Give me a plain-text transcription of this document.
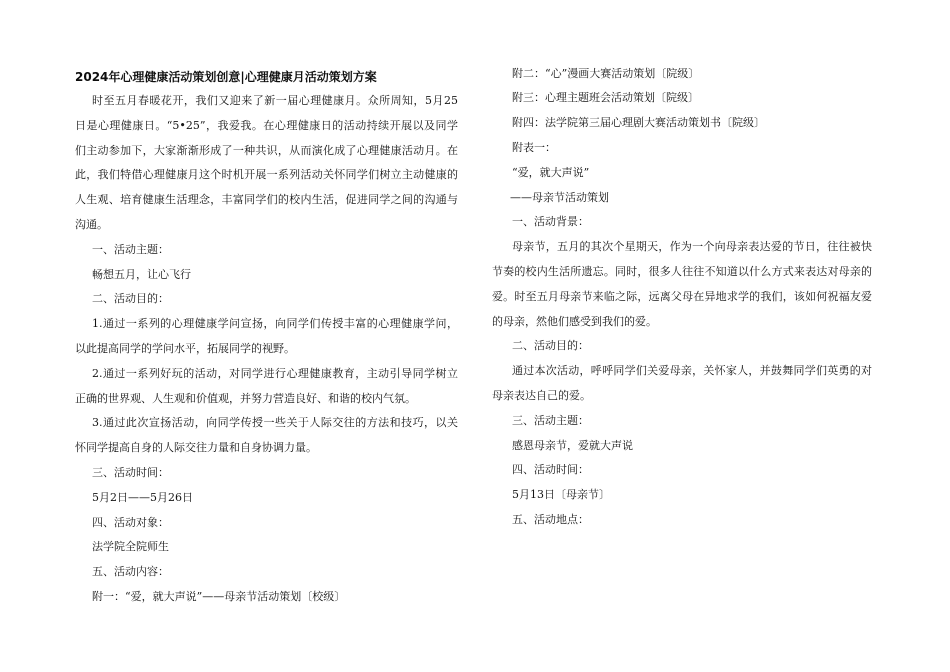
2024年心理健康活动策划创意|心理健康月活动策划方案
时至五月春暖花开，我们又迎来了新一届心理健康月。众所周知，5月25
日是心理健康日。“5•25”，我爱我。在心理健康日的活动持续开展以及同学
们主动参加下，大家渐渐形成了一种共识，从而演化成了心理健康活动月。在
此，我们特借心理健康月这个时机开展一系列活动关怀同学们树立主动健康的
人生观、培育健康生活理念，丰富同学们的校内生活，促进同学之间的沟通与
沟通。
一、活动主题：
畅想五月，让心飞行
二、活动目的：
1.通过一系列的心理健康学问宣扬，向同学们传授丰富的心理健康学问，
以此提高同学的学问水平，拓展同学的视野。
2.通过一系列好玩的活动，对同学进行心理健康教育，主动引导同学树立
正确的世界观、人生观和价值观，并努力营造良好、和谐的校内气氛。
3.通过此次宣扬活动，向同学传授一些关于人际交往的方法和技巧，以关
怀同学提高自身的人际交往力量和自身协调力量。
三、活动时间：
5月2日——5月26日
四、活动对象：
法学院全院师生
五、活动内容：
附一：“爱，就大声说”——母亲节活动策划〔校级〕
附二：“心”漫画大赛活动策划〔院级〕
附三：心理主题班会活动策划〔院级〕
附四：法学院第三届心理剧大赛活动策划书〔院级〕
附表一：
“爱，就大声说”
——母亲节活动策划
一、活动背景：
母亲节，五月的其次个星期天，作为一个向母亲表达爱的节日，往往被快
节奏的校内生活所遗忘。同时，很多人往往不知道以什么方式来表达对母亲的
爱。时至五月母亲节来临之际，远离父母在异地求学的我们，该如何祝福友爱
的母亲，然他们感受到我们的爱。
二、活动目的：
通过本次活动，呼呼同学们关爱母亲，关怀家人，并鼓舞同学们英勇的对
母亲表达自己的爱。
三、活动主题：
感恩母亲节，爱就大声说
四、活动时间：
5月13日〔母亲节〕
五、活动地点：
